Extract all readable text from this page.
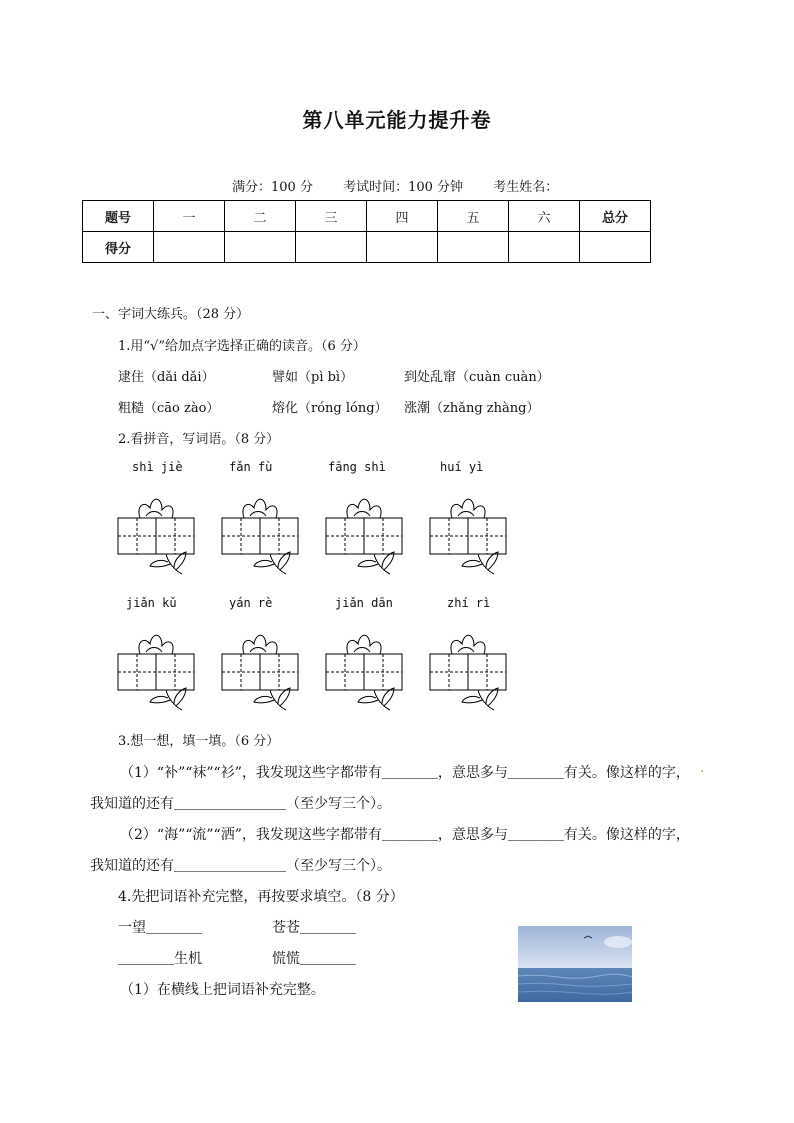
第八单元能力提升卷
满分：100 分 考试时间：100 分钟 考生姓名：
题号	一	二	三	四	五	六	总分
得分							
一、字词大练兵。（28 分）
1.用“√”给加点字选择正确的读音。（6 分）
逮住（dǎi dǎi）	譬如（pì bì）	到处乱窜（cuàn cuàn）
粗糙（cāo zào）	熔化（róng lóng） 涨潮（zhǎng zhàng）
2.看拼音，写词语。（8 分）
shì jiè	fǎn fù	fāng shì	huí yì
jiǎn kǔ	yán rè	jiǎn dān	zhí rì
3.想一想，填一填。（6 分）
（1）“补”“袜”“衫”，我发现这些字都带有＿＿＿＿，意思多与＿＿＿＿有关。像这样的字， .
我知道的还有＿＿＿＿＿＿＿＿（至少写三个）。
（2）“海”“流”“洒”，我发现这些字都带有＿＿＿＿，意思多与＿＿＿＿有关。像这样的字，
我知道的还有＿＿＿＿＿＿＿＿（至少写三个）。
4.先把词语补充完整，再按要求填空。（8 分）
一望＿＿＿＿	苍苍＿＿＿＿
＿＿＿＿生机	慌慌＿＿＿＿
（1）在横线上把词语补充完整。
